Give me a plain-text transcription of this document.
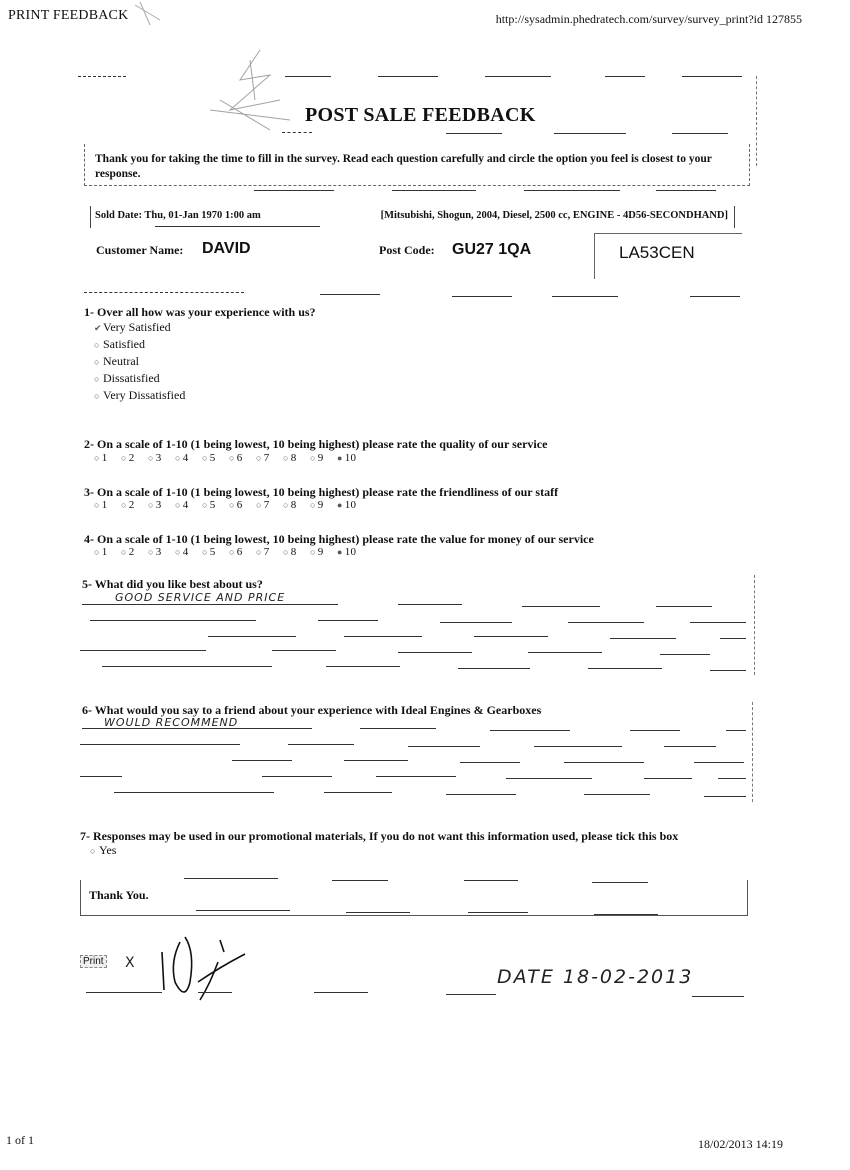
PRINT FEEDBACK	http://sysadmin.phedratech.com/survey/survey_print?id 127855
POST SALE FEEDBACK
Thank you for taking the time to fill in the survey. Read each question carefully and circle the option you feel is closest to your response.
Sold Date: Thu, 01-Jan 1970 1:00 am	[Mitsubishi, Shogun, 2004, Diesel, 2500 cc, ENGINE - 4D56-SECONDHAND]
Customer Name: DAVID	Post Code: GU27 1QA	LA53CEN
1- Over all how was your experience with us?
✔Very Satisfied
○ Satisfied
○ Neutral
○ Dissatisfied
○ Very Dissatisfied
2- On a scale of 1-10 (1 being lowest, 10 being highest) please rate the quality of our service
○ 1 ○ 2 ○ 3 ○ 4 ○ 5 ○ 6 ○ 7 ○ 8 ○ 9 ● 10
3- On a scale of 1-10 (1 being lowest, 10 being highest) please rate the friendliness of our staff
○ 1 ○ 2 ○ 3 ○ 4 ○ 5 ○ 6 ○ 7 ○ 8 ○ 9 ● 10
4- On a scale of 1-10 (1 being lowest, 10 being highest) please rate the value for money of our service
○ 1 ○ 2 ○ 3 ○ 4 ○ 5 ○ 6 ○ 7 ○ 8 ○ 9 ● 10
5- What did you like best about us?
GOOD SERVICE AND PRICE
6- What would you say to a friend about your experience with Ideal Engines & Gearboxes
WOULD RECOMMEND
7- Responses may be used in our promotional materials, If you do not want this information used, please tick this box
○ Yes
Thank You.
Print X
DATE 18-02-2013
1 of 1	18/02/2013 14:19
